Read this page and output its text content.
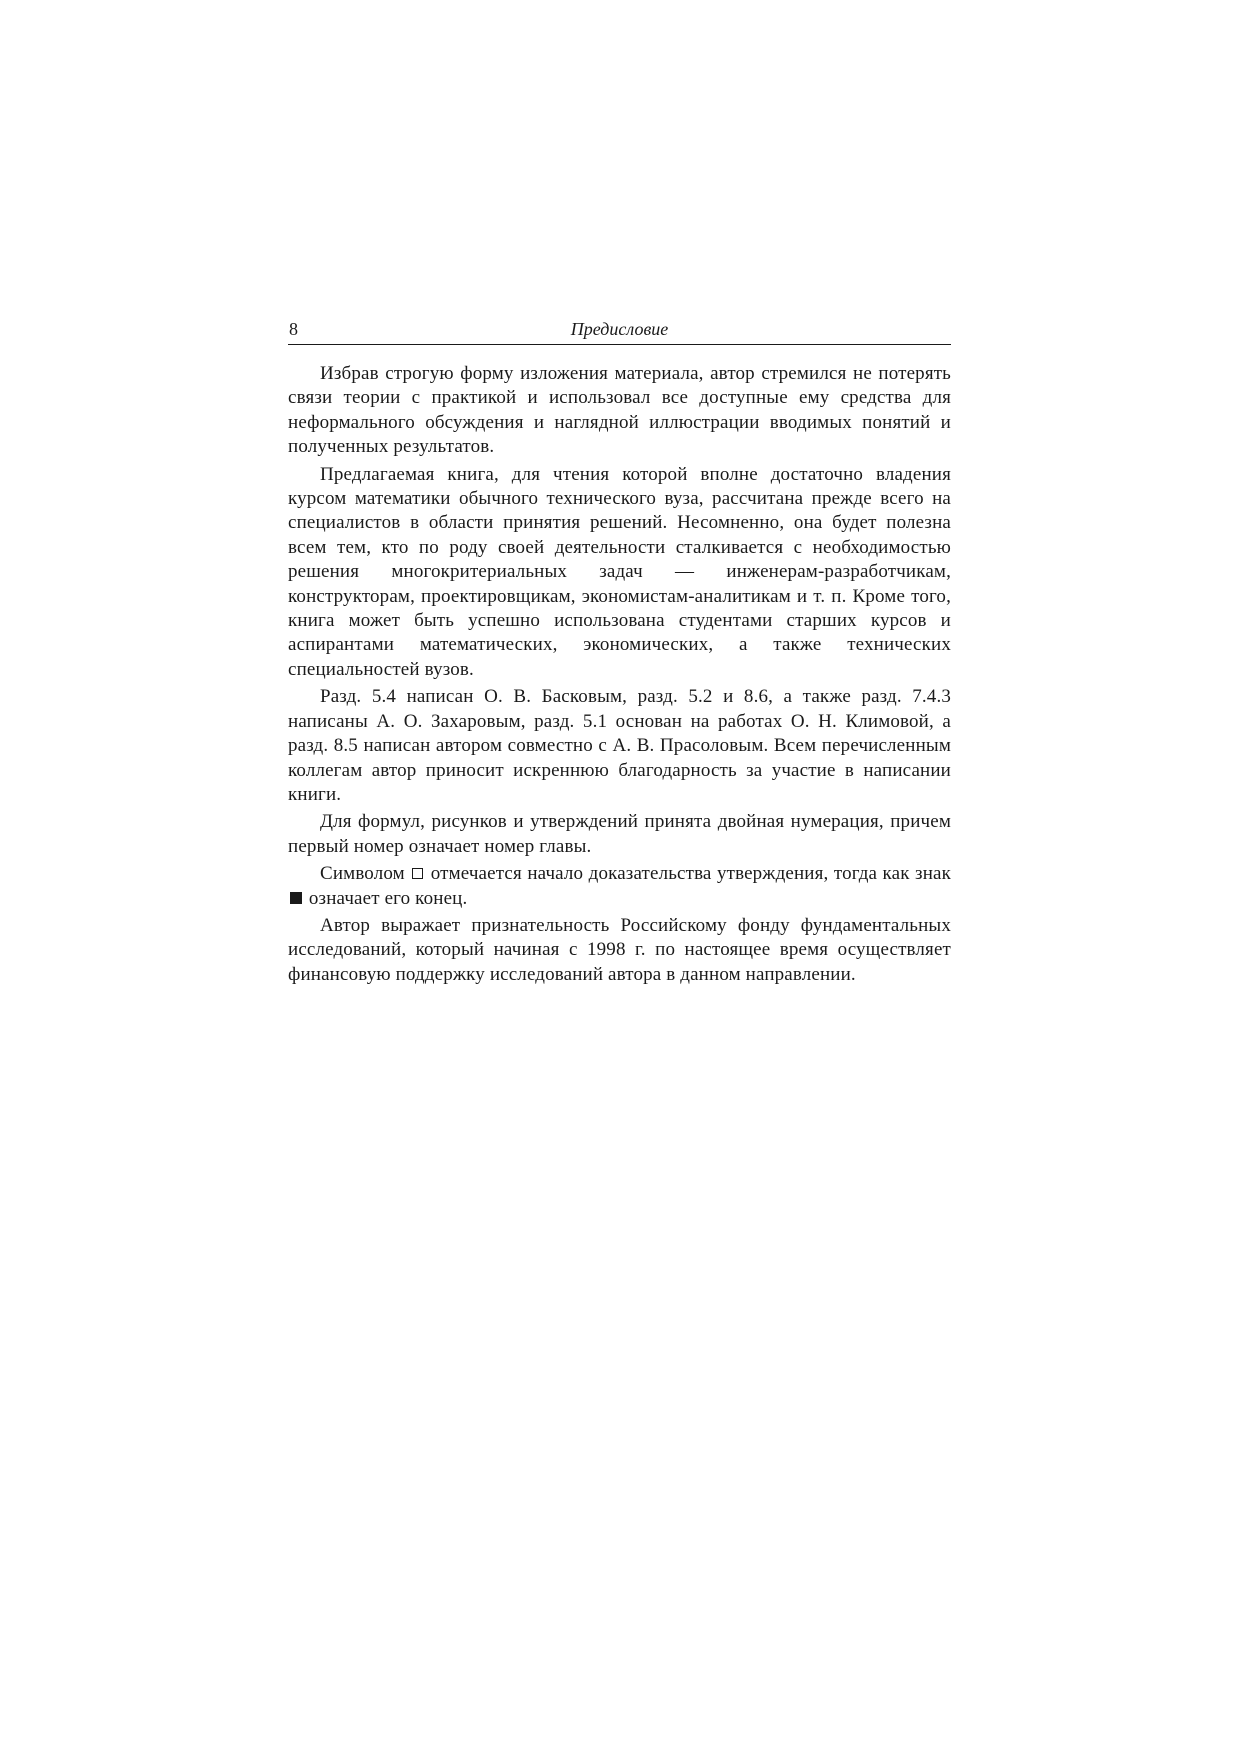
8	Предисловие

Избрав строгую форму изложения материала, автор стремился не потерять связи теории с практикой и использовал все доступные ему средства для неформального обсуждения и наглядной иллюстрации вводимых понятий и полученных результатов.

Предлагаемая книга, для чтения которой вполне достаточно владения курсом математики обычного технического вуза, рассчитана прежде всего на специалистов в области принятия решений. Несомненно, она будет полезна всем тем, кто по роду своей деятельности сталкивается с необходимостью решения многокритериальных задач — инженерам-разработчикам, конструкторам, проектировщикам, экономистам-аналитикам и т. п. Кроме того, книга может быть успешно использована студентами старших курсов и аспирантами математических, экономических, а также технических специальностей вузов.

Разд. 5.4 написан О. В. Басковым, разд. 5.2 и 8.6, а также разд. 7.4.3 написаны А. О. Захаровым, разд. 5.1 основан на работах О. Н. Климовой, а разд. 8.5 написан автором совместно с А. В. Прасоловым. Всем перечисленным коллегам автор приносит искреннюю благодарность за участие в написании книги.

Для формул, рисунков и утверждений принята двойная нумерация, причем первый номер означает номер главы.

Символом отмечается начало доказательства утверждения, тогда как знак  означает его конец.

Автор выражает признательность Российскому фонду фундаментальных исследований, который начиная с 1998 г. по настоящее время осуществляет финансовую поддержку исследований автора в данном направлении.
